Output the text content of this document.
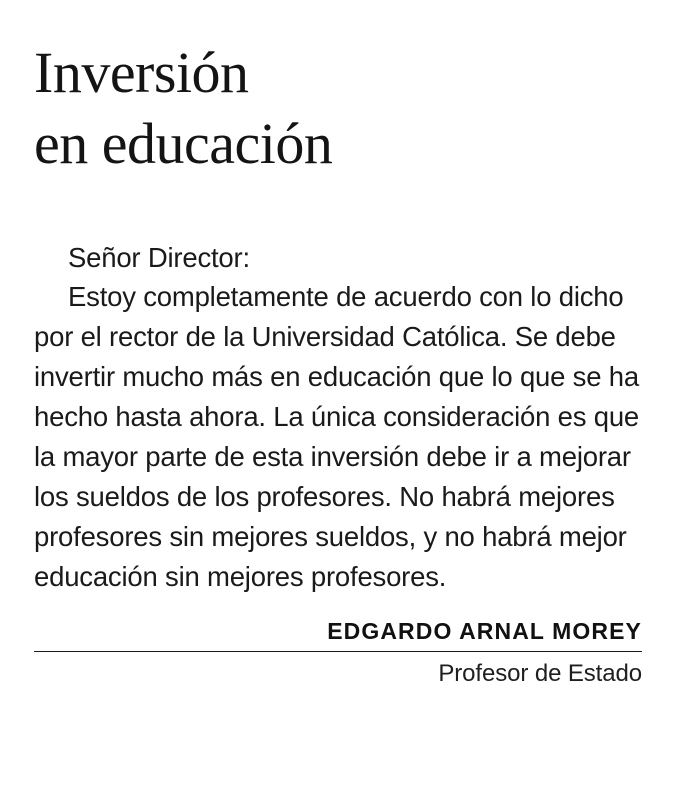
Inversión
en educación

Señor Director:

Estoy completamente de acuerdo con lo dicho por el rector de la Universidad Católica. Se debe invertir mucho más en educación que lo que se ha hecho hasta ahora. La única consideración es que la mayor parte de esta inversión debe ir a mejorar los sueldos de los profesores. No habrá mejores profesores sin mejores sueldos, y no habrá mejor educación sin mejores profesores.

EDGARDO ARNAL MOREY
Profesor de Estado
